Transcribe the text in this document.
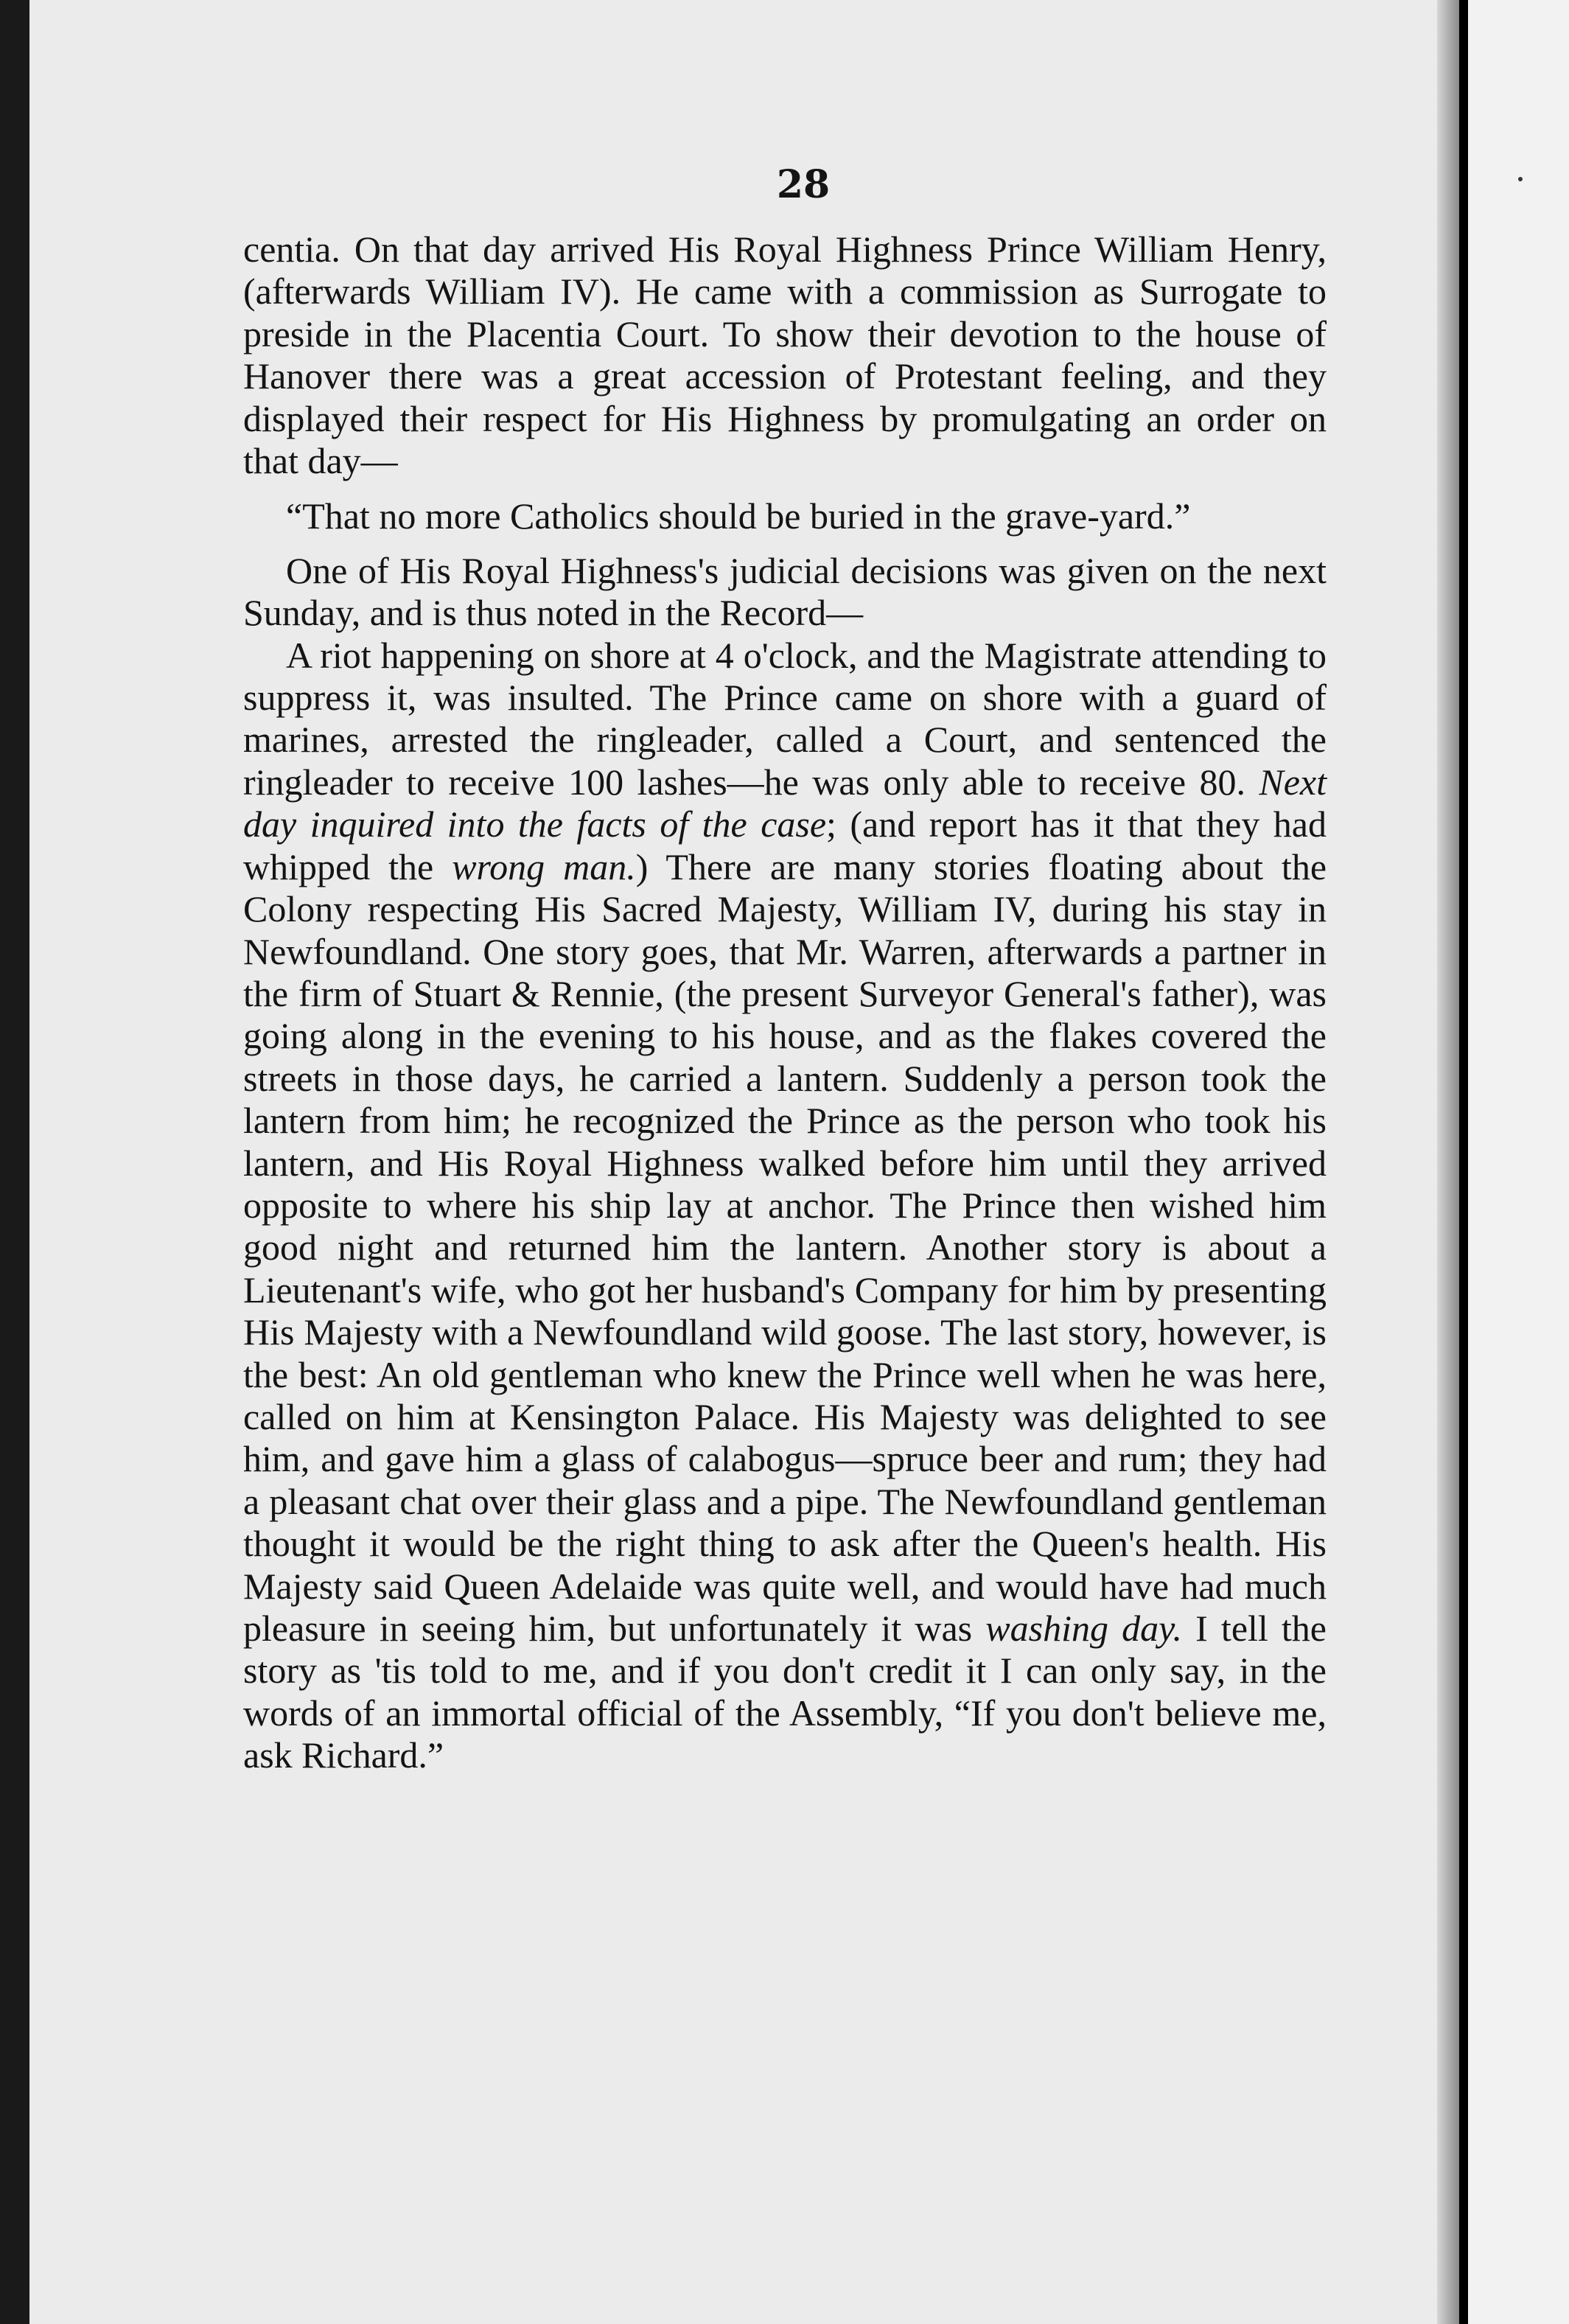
28

centia. On that day arrived His Royal Highness Prince William Henry, (afterwards William IV). He came with a commission as Surrogate to preside in the Placentia Court. To show their devotion to the house of Hanover there was a great accession of Protestant feeling, and they displayed their respect for His Highness by promulgating an order on that day—

“That no more Catholics should be buried in the grave-yard.”

One of His Royal Highness's judicial decisions was given on the next Sunday, and is thus noted in the Record—

A riot happening on shore at 4 o'clock, and the Magistrate attending to suppress it, was insulted. The Prince came on shore with a guard of marines, arrested the ringleader, called a Court, and sentenced the ringleader to receive 100 lashes—he was only able to receive 80. Next day inquired into the facts of the case; (and report has it that they had whipped the wrong man.) There are many stories floating about the Colony respecting His Sacred Majesty, William IV, during his stay in Newfoundland. One story goes, that Mr. Warren, afterwards a partner in the firm of Stuart & Rennie, (the present Surveyor General's father), was going along in the evening to his house, and as the flakes covered the streets in those days, he carried a lantern. Suddenly a person took the lantern from him; he recognized the Prince as the person who took his lantern, and His Royal Highness walked before him until they arrived opposite to where his ship lay at anchor. The Prince then wished him good night and returned him the lantern. Another story is about a Lieutenant's wife, who got her husband's Company for him by presenting His Majesty with a Newfoundland wild goose. The last story, however, is the best: An old gentleman who knew the Prince well when he was here, called on him at Kensington Palace. His Majesty was delighted to see him, and gave him a glass of calabogus—spruce beer and rum; they had a pleasant chat over their glass and a pipe. The Newfoundland gentleman thought it would be the right thing to ask after the Queen's health. His Majesty said Queen Adelaide was quite well, and would have had much pleasure in seeing him, but unfortunately it was washing day. I tell the story as 'tis told to me, and if you don't credit it I can only say, in the words of an immortal official of the Assembly, “If you don't believe me, ask Richard.”
